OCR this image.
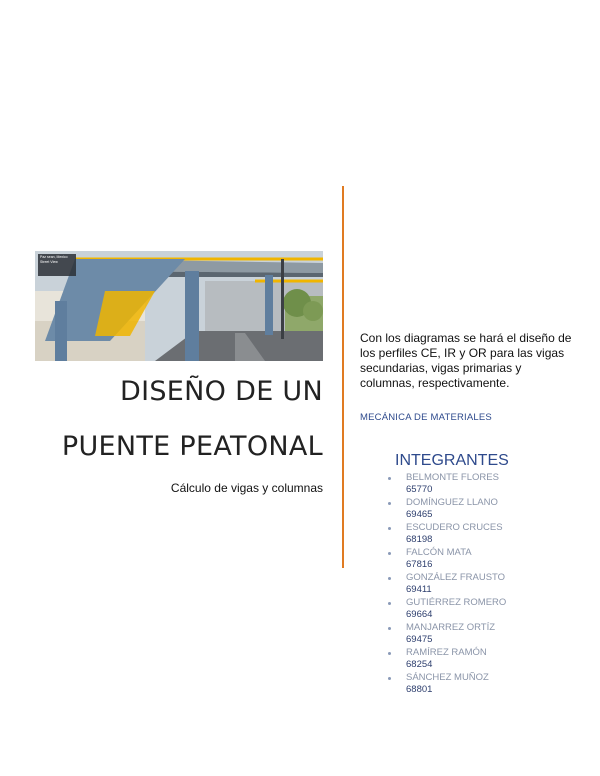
Paz sean, Mexico
Street View
DISEÑO DE UN
PUENTE PEATONAL
Cálculo de vigas y columnas
Con los diagramas se hará el diseño de los perfiles CE, IR y OR para las vigas secundarias, vigas primarias y columnas, respectivamente.
MECÁNICA DE MATERIALES
INTEGRANTES
BELMONTE FLORES
65770
DOMÍNGUEZ LLANO
69465
ESCUDERO CRUCES
68198
FALCÓN MATA
67816
GONZÁLEZ FRAUSTO
69411
GUTIÉRREZ ROMERO
69664
MANJARREZ ORTÍZ
69475
RAMÍREZ RAMÓN
68254
SÁNCHEZ MUÑOZ
68801
